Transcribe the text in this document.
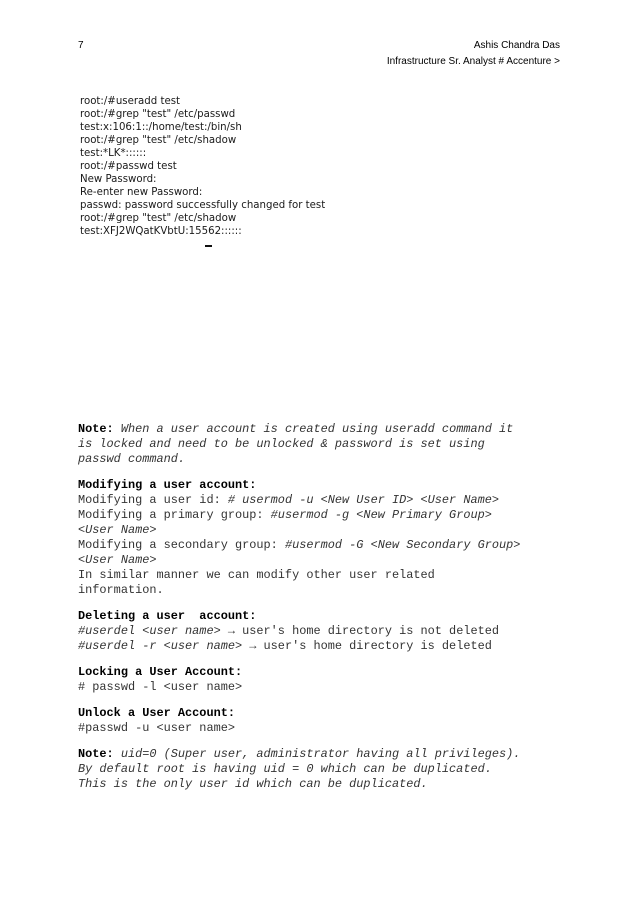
7	Ashis Chandra Das
Infrastructure Sr. Analyst # Accenture >
root:/#useradd test
root:/#grep "test" /etc/passwd
test:x:106:1::/home/test:/bin/sh
root:/#grep "test" /etc/shadow
test:*LK*::::::
root:/#passwd test
New Password:
Re-enter new Password:
passwd: password successfully changed for test
root:/#grep "test" /etc/shadow
test:XFJ2WQatKVbtU:15562::::::
Note: When a user account is created using useradd command it
is locked and need to be unlocked & password is set using
passwd command.
Modifying a user account:
Modifying a user id: # usermod -u <New User ID> <User Name>
Modifying a primary group: #usermod -g <New Primary Group>
<User Name>
Modifying a secondary group: #usermod -G <New Secondary Group>
<User Name>
In similar manner we can modify other user related
information.
Deleting a user  account:
#userdel <user name> → user's home directory is not deleted
#userdel -r <user name> → user's home directory is deleted
Locking a User Account:
# passwd -l <user name>
Unlock a User Account:
#passwd -u <user name>
Note: uid=0 (Super user, administrator having all privileges).
By default root is having uid = 0 which can be duplicated.
This is the only user id which can be duplicated.
